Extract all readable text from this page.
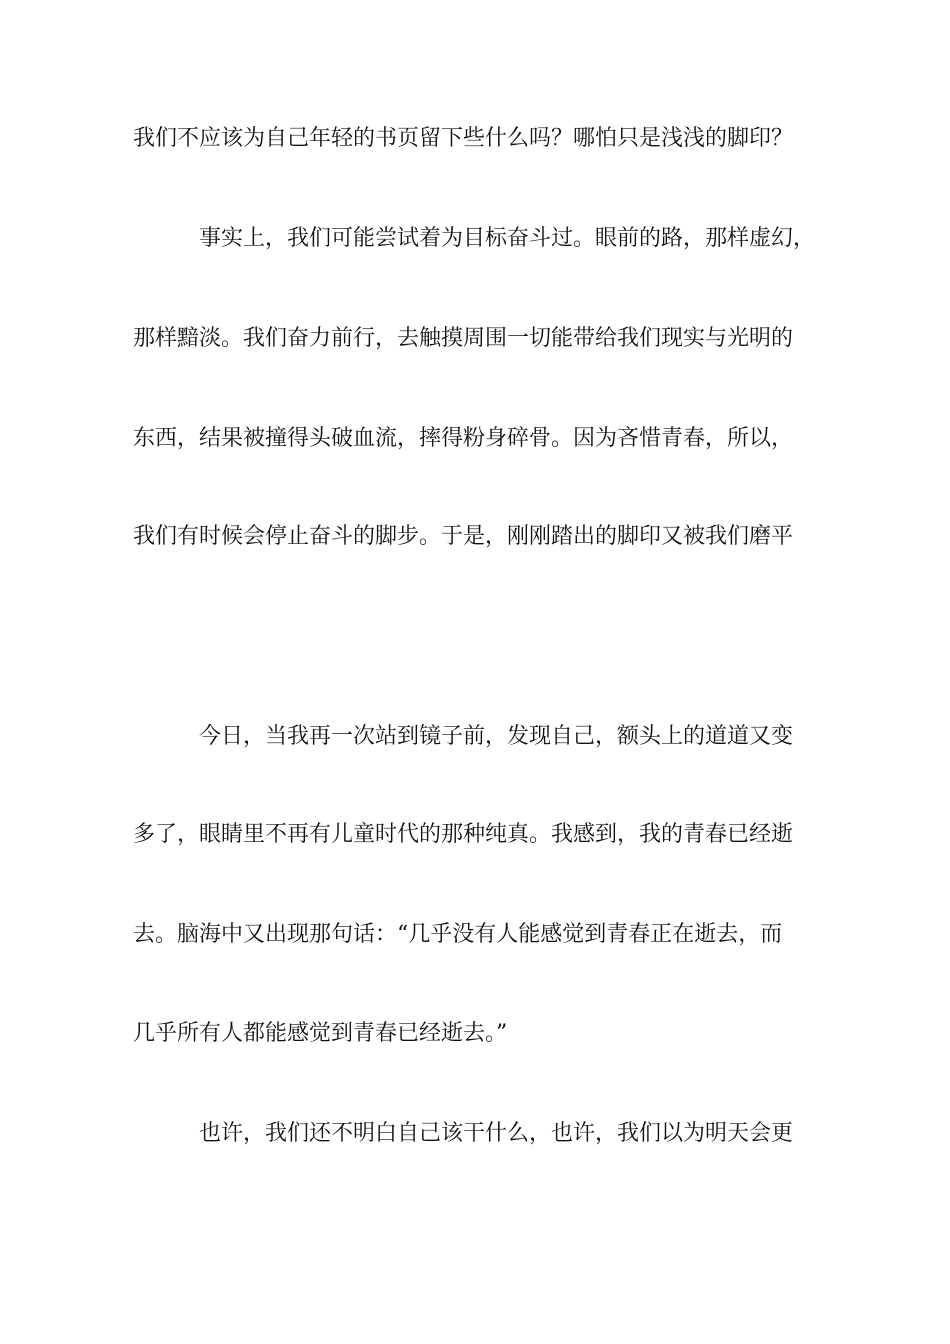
我们不应该为自己年轻的书页留下些什么吗？哪怕只是浅浅的脚印？
事实上，我们可能尝试着为目标奋斗过。眼前的路，那样虚幻，
那样黯淡。我们奋力前行，去触摸周围一切能带给我们现实与光明的
东西，结果被撞得头破血流，摔得粉身碎骨。因为吝惜青春，所以，
我们有时候会停止奋斗的脚步。于是，刚刚踏出的脚印又被我们磨平
今日，当我再一次站到镜子前，发现自己，额头上的道道又变
多了，眼睛里不再有儿童时代的那种纯真。我感到，我的青春已经逝
去。脑海中又出现那句话：“几乎没有人能感觉到青春正在逝去，而
几乎所有人都能感觉到青春已经逝去。”
也许，我们还不明白自己该干什么，也许，我们以为明天会更
